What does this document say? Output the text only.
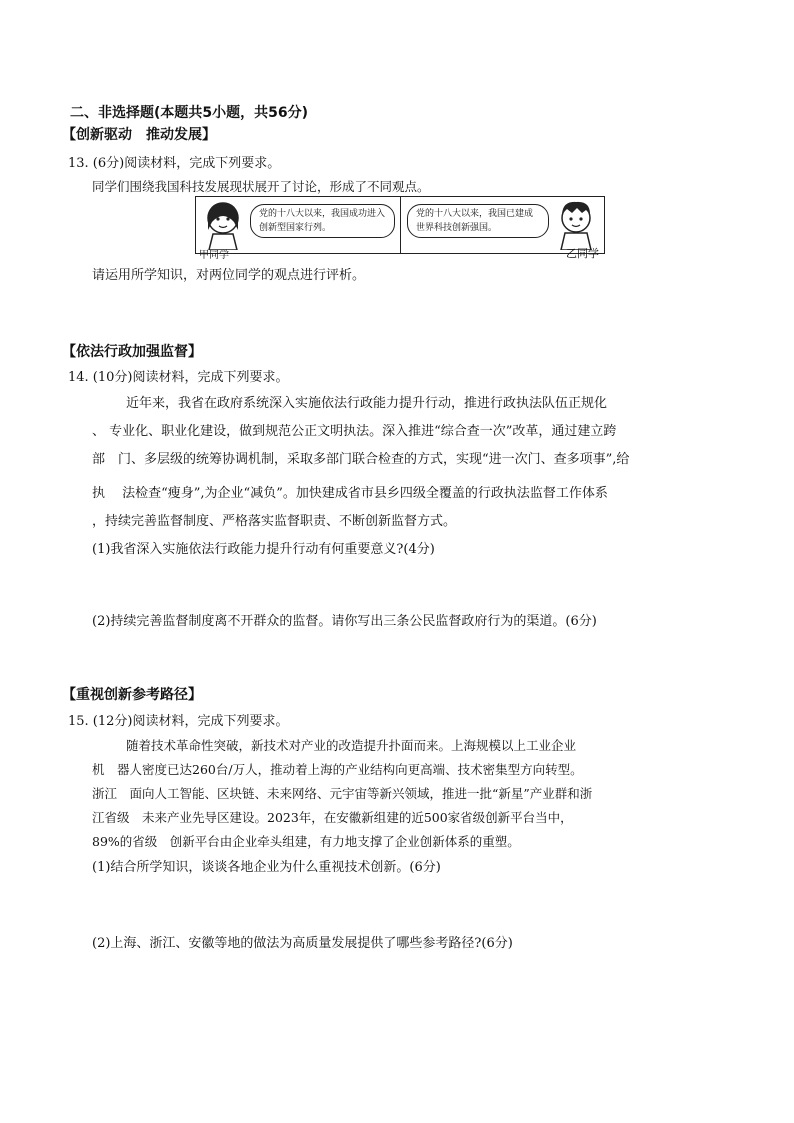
二、非选择题(本题共5小题，共56分)
【创新驱动　推动发展】
13. (6分)阅读材料，完成下列要求。
同学们围绕我国科技发展现状展开了讨论，形成了不同观点。
党的十八大以来，我国成功进入创新型国家行列。
甲同学
党的十八大以来，我国已建成世界科技创新强国。
乙同学
请运用所学知识，对两位同学的观点进行评析。
【依法行政加强监督】
14. (10分)阅读材料，完成下列要求。
近年来，我省在政府系统深入实施依法行政能力提升行动，推进行政执法队伍正规化
、 专业化、职业化建设，做到规范公正文明执法。深入推进“综合查一次”改革，通过建立跨
部　门、多层级的统筹协调机制，采取多部门联合检查的方式，实现“进一次门、查多项事”,给
执　 法检查“瘦身”,为企业“减负”。加快建成省市县乡四级全覆盖的行政执法监督工作体系
，持续完善监督制度、严格落实监督职责、不断创新监督方式。
(1)我省深入实施依法行政能力提升行动有何重要意义?(4分)
(2)持续完善监督制度离不开群众的监督。请你写出三条公民监督政府行为的渠道。(6分)
【重视创新参考路径】
15. (12分)阅读材料，完成下列要求。
随着技术革命性突破，新技术对产业的改造提升扑面而来。上海规模以上工业企业
机　器人密度已达260台/万人，推动着上海的产业结构向更高端、技术密集型方向转型。
浙江　面向人工智能、区块链、未来网络、元宇宙等新兴领域，推进一批“新星”产业群和浙
江省级　未来产业先导区建设。2023年，在安徽新组建的近500家省级创新平台当中，
89%的省级　创新平台由企业牵头组建，有力地支撑了企业创新体系的重塑。
(1)结合所学知识，谈谈各地企业为什么重视技术创新。(6分)
(2)上海、浙江、安徽等地的做法为高质量发展提供了哪些参考路径?(6分)
